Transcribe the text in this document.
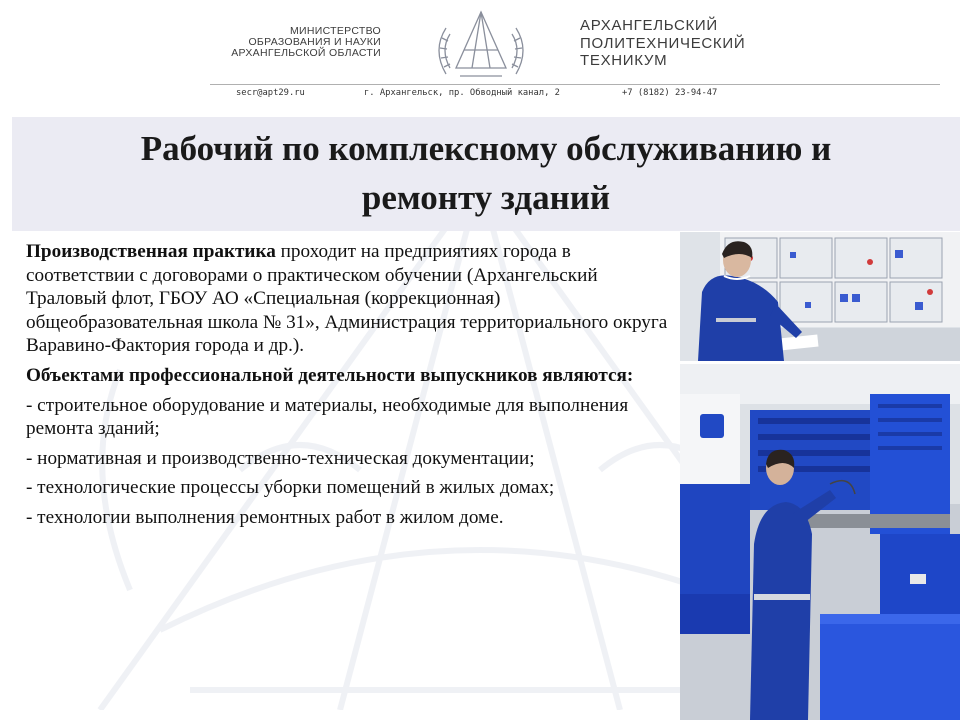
МИНИСТЕРСТВО
ОБРАЗОВАНИЯ И НАУКИ
АРХАНГЕЛЬСКОЙ ОБЛАСТИ
АРХАНГЕЛЬСКИЙ
ПОЛИТЕХНИЧЕСКИЙ
ТЕХНИКУМ
secr@apt29.ru	г. Архангельск, пр. Обводный канал, 2	+7 (8182) 23-94-47
Рабочий по комплексному обслуживанию и
ремонту зданий

Производственная практика проходит на предприятиях города в соответствии с договорами о практическом обучении (Архангельский Траловый флот, ГБОУ АО «Специальная (коррекционная) общеобразовательная школа № 31», Администрация территориального округа Варавино-Фактория города и др.).

Объектами профессиональной деятельности выпускников являются:

- строительное оборудование и материалы, необходимые для выполнения ремонта зданий;

- нормативная и производственно-техническая документации;

- технологические процессы уборки помещений в жилых домах;

- технологии выполнения ремонтных работ в жилом доме.
